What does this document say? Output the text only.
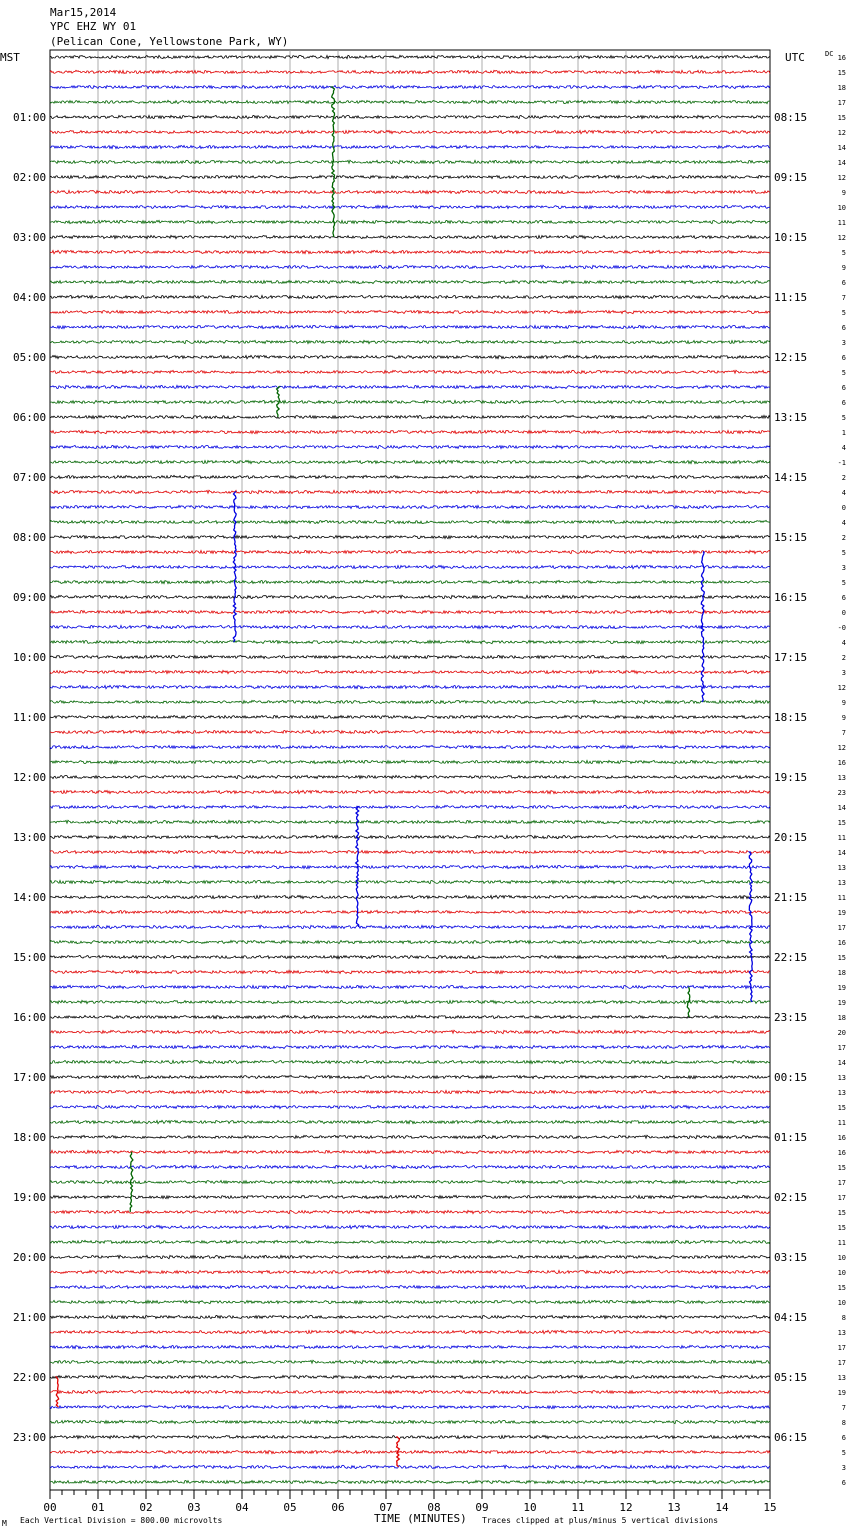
Mar15,2014
YPC EHZ WY 01
(Pelican Cone, Yellowstone Park, WY)
MST	UTC	DC
01:00
02:00
03:00
04:00
05:00
06:00
07:00
08:00
09:00
10:00
11:00
12:00
13:00
14:00
15:00
16:00
17:00
18:00
19:00
20:00
21:00
22:00
23:00
08:15
09:15
10:15
11:15
12:15
13:15
14:15
15:15
16:15
17:15
18:15
19:15
20:15
21:15
22:15
23:15
00:15
01:15
02:15
03:15
04:15
05:15
06:15
16
15
18
17
15
12
14
14
12
9
10
11
12
5
9
6
7
5
6
3
6
5
6
6
5
1
4
-1
2
4
0
4
2
5
3
5
6
0
-0
4
2
3
12
9
9
7
12
16
13
23
14
15
11
14
13
13
11
19
17
16
15
18
19
19
18
20
17
14
13
13
15
11
16
16
15
17
17
15
15
11
10
10
15
10
8
13
17
17
13
19
7
8
6
5
3
6
00	01	02	03	04	05	06	07	08	09	10	11	12	13	14	15
M Each Vertical Division = 800.00 microvolts	TIME (MINUTES) Traces clipped at plus/minus 5 vertical divisions
